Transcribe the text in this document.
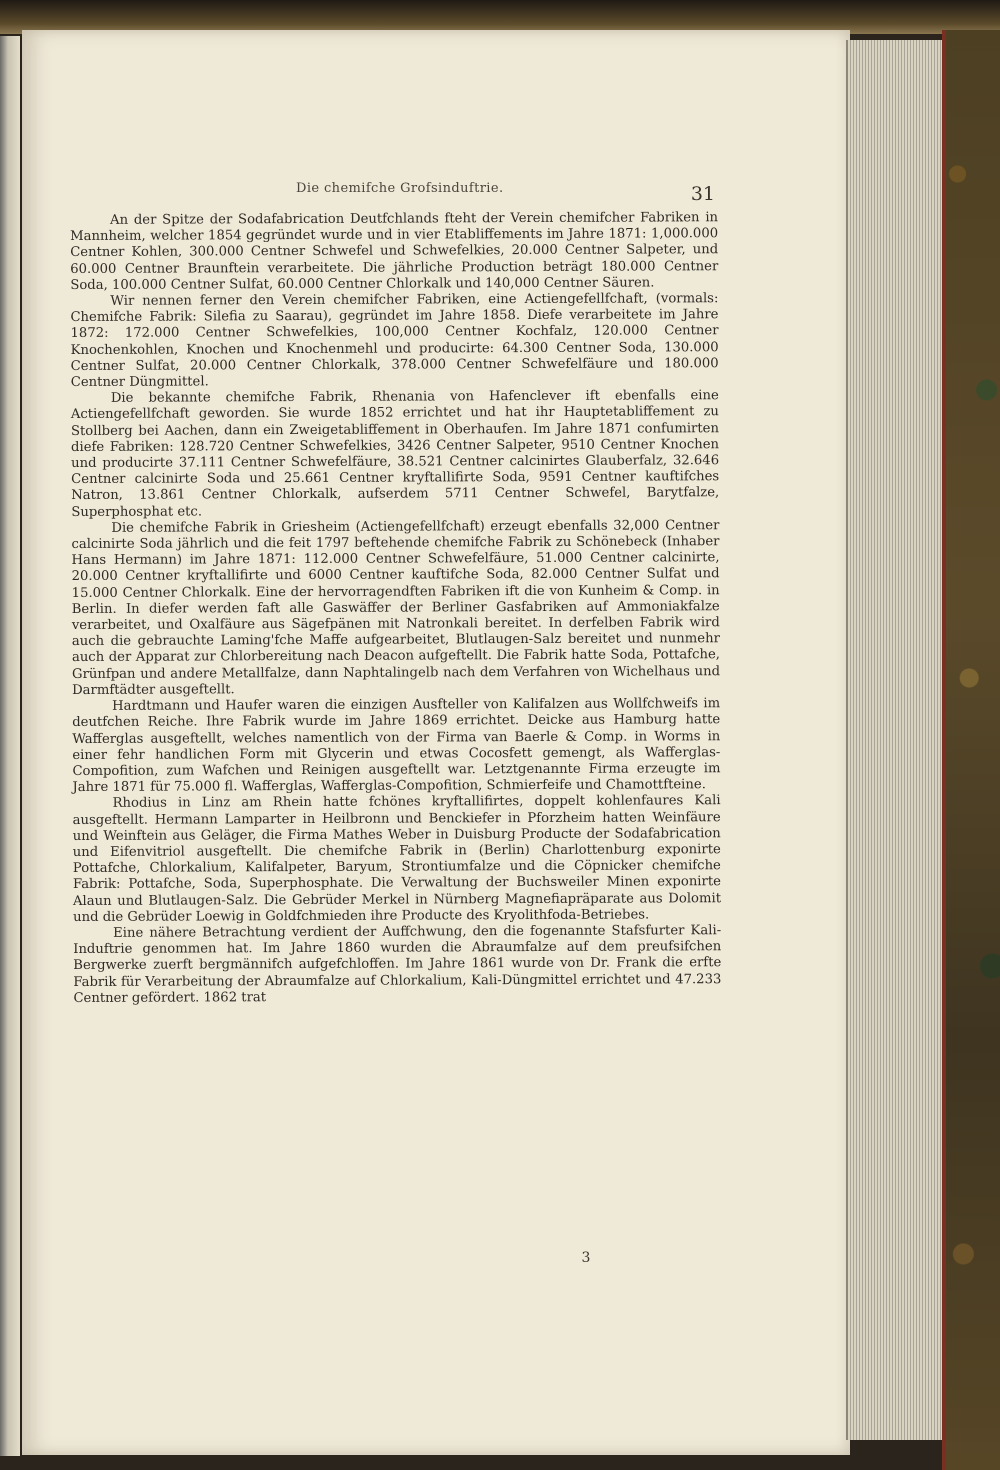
Die chemifche Grofsinduftrie.	31

An der Spitze der Sodafabrication Deutfchlands fteht der Verein chemifcher Fabriken in Mannheim, welcher 1854 gegründet wurde und in vier Etabliffements im Jahre 1871: 1,000.000 Centner Kohlen, 300.000 Centner Schwefel und Schwefelkies, 20.000 Centner Salpeter, und 60.000 Centner Braunftein verarbeitete. Die jährliche Production beträgt 180.000 Centner Soda, 100.000 Centner Sulfat, 60.000 Centner Chlorkalk und 140,000 Centner Säuren.

Wir nennen ferner den Verein chemifcher Fabriken, eine Actiengefellfchaft, (vormals: Chemifche Fabrik: Silefia zu Saarau), gegründet im Jahre 1858. Diefe verarbeitete im Jahre 1872: 172.000 Centner Schwefelkies, 100,000 Centner Kochfalz, 120.000 Centner Knochenkohlen, Knochen und Knochenmehl und producirte: 64.300 Centner Soda, 130.000 Centner Sulfat, 20.000 Centner Chlorkalk, 378.000 Centner Schwefelfäure und 180.000 Centner Düngmittel.

Die bekannte chemifche Fabrik, Rhenania von Hafenclever ift ebenfalls eine Actiengefellfchaft geworden. Sie wurde 1852 errichtet und hat ihr Hauptetabliffement zu Stollberg bei Aachen, dann ein Zweigetabliffement in Oberhaufen. Im Jahre 1871 confumirten diefe Fabriken: 128.720 Centner Schwefelkies, 3426 Centner Salpeter, 9510 Centner Knochen und producirte 37.111 Centner Schwefelfäure, 38.521 Centner calcinirtes Glauberfalz, 32.646 Centner calcinirte Soda und 25.661 Centner kryftallifirte Soda, 9591 Centner kauftifches Natron, 13.861 Centner Chlorkalk, aufserdem 5711 Centner Schwefel, Barytfalze, Superphosphat etc.

Die chemifche Fabrik in Griesheim (Actiengefellfchaft) erzeugt ebenfalls 32,000 Centner calcinirte Soda jährlich und die feit 1797 beftehende chemifche Fabrik zu Schönebeck (Inhaber Hans Hermann) im Jahre 1871: 112.000 Centner Schwefelfäure, 51.000 Centner calcinirte, 20.000 Centner kryftallifirte und 6000 Centner kauftifche Soda, 82.000 Centner Sulfat und 15.000 Centner Chlorkalk. Eine der hervorragendften Fabriken ift die von Kunheim & Comp. in Berlin. In diefer werden faft alle Gaswäffer der Berliner Gasfabriken auf Ammoniakfalze verarbeitet, und Oxalfäure aus Sägefpänen mit Natronkali bereitet. In derfelben Fabrik wird auch die gebrauchte Laming'fche Maffe aufgearbeitet, Blutlaugen-Salz bereitet und nunmehr auch der Apparat zur Chlorbereitung nach Deacon aufgeftellt. Die Fabrik hatte Soda, Pottafche, Grünfpan und andere Metallfalze, dann Naphtalingelb nach dem Verfahren von Wichelhaus und Darmftädter ausgeftellt.

Hardtmann und Haufer waren die einzigen Ausfteller von Kalifalzen aus Wollfchweifs im deutfchen Reiche. Ihre Fabrik wurde im Jahre 1869 errichtet. Deicke aus Hamburg hatte Wafferglas ausgeftellt, welches namentlich von der Firma van Baerle & Comp. in Worms in einer fehr handlichen Form mit Glycerin und etwas Cocosfett gemengt, als Wafferglas-Compofition, zum Wafchen und Reinigen ausgeftellt war. Letztgenannte Firma erzeugte im Jahre 1871 für 75.000 fl. Wafferglas, Wafferglas-Compofition, Schmierfeife und Chamottfteine.

Rhodius in Linz am Rhein hatte fchönes kryftallifirtes, doppelt kohlenfaures Kali ausgeftellt. Hermann Lamparter in Heilbronn und Benckiefer in Pforzheim hatten Weinfäure und Weinftein aus Geläger, die Firma Mathes Weber in Duisburg Producte der Sodafabrication und Eifenvitriol ausgeftellt. Die chemifche Fabrik in (Berlin) Charlottenburg exponirte Pottafche, Chlorkalium, Kalifalpeter, Baryum, Strontiumfalze und die Cöpnicker chemifche Fabrik: Pottafche, Soda, Superphosphate. Die Verwaltung der Buchsweiler Minen exponirte Alaun und Blutlaugen-Salz. Die Gebrüder Merkel in Nürnberg Magnefiapräparate aus Dolomit und die Gebrüder Loewig in Goldfchmieden ihre Producte des Kryolithfoda-Betriebes.

Eine nähere Betrachtung verdient der Auffchwung, den die fogenannte Stafsfurter Kali-Induftrie genommen hat. Im Jahre 1860 wurden die Abraumfalze auf dem preufsifchen Bergwerke zuerft bergmännifch aufgefchloffen. Im Jahre 1861 wurde von Dr. Frank die erfte Fabrik für Verarbeitung der Abraumfalze auf Chlorkalium, Kali-Düngmittel errichtet und 47.233 Centner gefördert. 1862 trat

3
